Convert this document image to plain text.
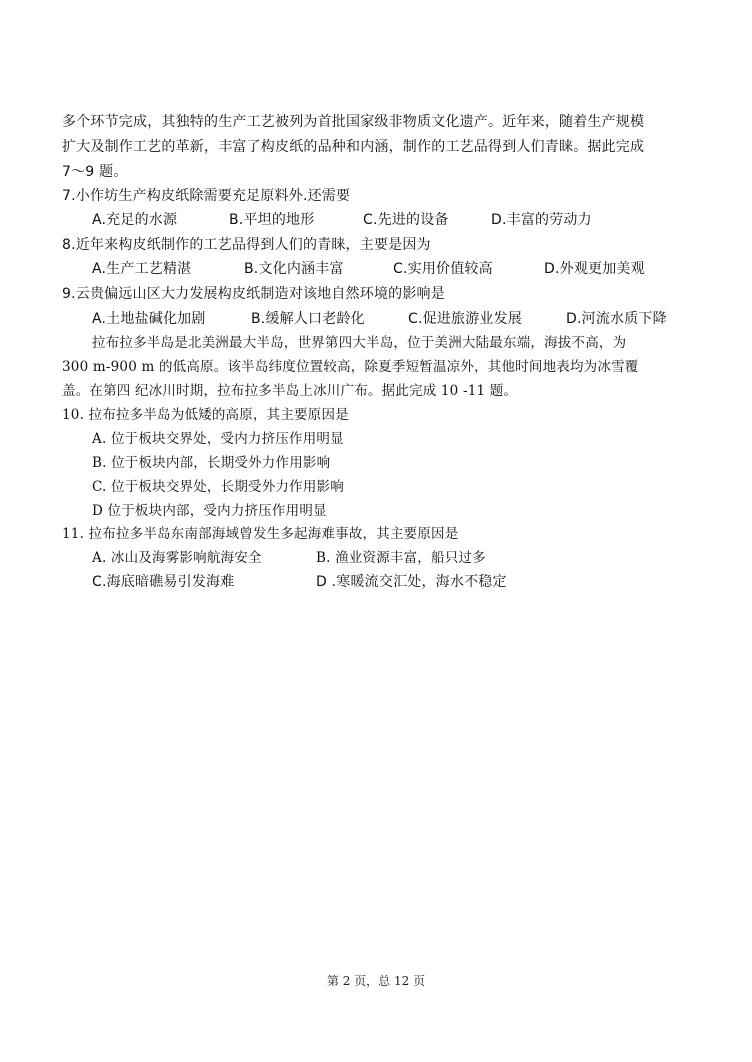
多个环节完成，其独特的生产工艺被列为首批国家级非物质文化遗产。近年来，随着生产规模
扩大及制作工艺的革新，丰富了构皮纸的品种和内涵，制作的工艺品得到人们青睐。据此完成
7～9 题。
7.小作坊生产构皮纸除需要充足原料外.还需要
A.充足的水源	B.平坦的地形	C.先进的设备	D.丰富的劳动力
8.近年来构皮纸制作的工艺品得到人们的青睐，主要是因为
A.生产工艺精湛	B.文化内涵丰富	C.实用价值较高	D.外观更加美观
9.云贵偏远山区大力发展构皮纸制造对该地自然环境的影响是
A.土地盐碱化加剧	B.缓解人口老龄化	C.促进旅游业发展	D.河流水质下降
拉布拉多半岛是北美洲最大半岛，世界第四大半岛，位于美洲大陆最东端，海拔不高，为
300 m-900 m 的低高原。该半岛纬度位置较高，除夏季短暂温凉外，其他时间地表均为冰雪覆
盖。在第四 纪冰川时期，拉布拉多半岛上冰川广布。据此完成 10 -11 题。
10. 拉布拉多半岛为低矮的高原，其主要原因是
A. 位于板块交界处，受内力挤压作用明显
B. 位于板块内部，长期受外力作用影响
C. 位于板块交界处，长期受外力作用影响
D 位于板块内部，受内力挤压作用明显
11. 拉布拉多半岛东南部海域曾发生多起海难事故，其主要原因是
A. 冰山及海雾影响航海安全	B. 渔业资源丰富，船只过多
C.海底暗礁易引发海难	D .寒暖流交汇处，海水不稳定
第 2 页，总 12 页
